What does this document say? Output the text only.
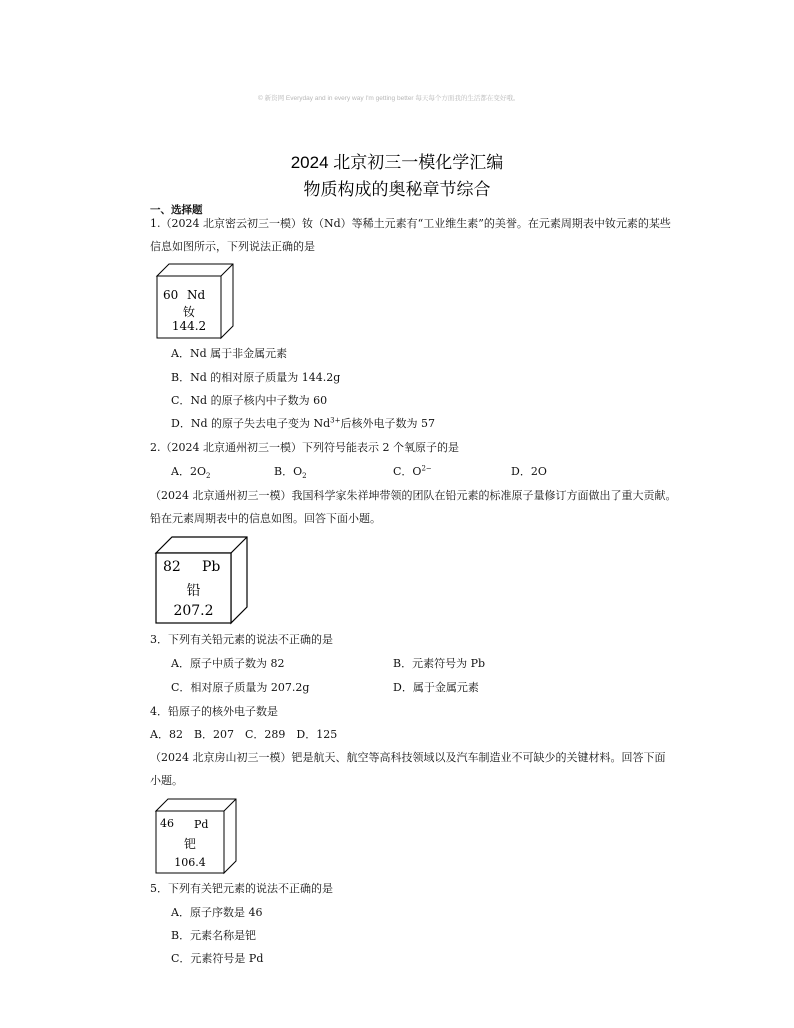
© 新资网 Everyday and in every way I'm getting better 每天每个方面我的生活都在变好哦。
2024 北京初三一模化学汇编
物质构成的奥秘章节综合
一、选择题
1.（2024 北京密云初三一模）钕（Nd）等稀土元素有“工业维生素”的美誉。在元素周期表中钕元素的某些
信息如图所示，下列说法正确的是
60 Nd
钕
144.2
A．Nd 属于非金属元素
B．Nd 的相对原子质量为 144.2g
C．Nd 的原子核内中子数为 60
D．Nd 的原子失去电子变为 $Nd^{3+}$后核外电子数为 57
2.（2024 北京通州初三一模）下列符号能表示 2 个氧原子的是
A．$2O_2$	B．$O_2$	C．$O^{2-}$	D．2O
（2024 北京通州初三一模）我国科学家朱祥坤带领的团队在铅元素的标准原子量修订方面做出了重大贡献。
铅在元素周期表中的信息如图。回答下面小题。
82 Pb
铅
207.2
3．下列有关铅元素的说法不正确的是
A．原子中质子数为 82	B．元素符号为 Pb
C．相对原子质量为 207.2g	D．属于金属元素
4．铅原子的核外电子数是
A．82　B．207　C．289　D．125
（2024 北京房山初三一模）钯是航天、航空等高科技领域以及汽车制造业不可缺少的关键材料。回答下面
小题。
46 Pd
钯
106.4
5．下列有关钯元素的说法不正确的是
A．原子序数是 46
B．元素名称是钯
C．元素符号是 Pd
